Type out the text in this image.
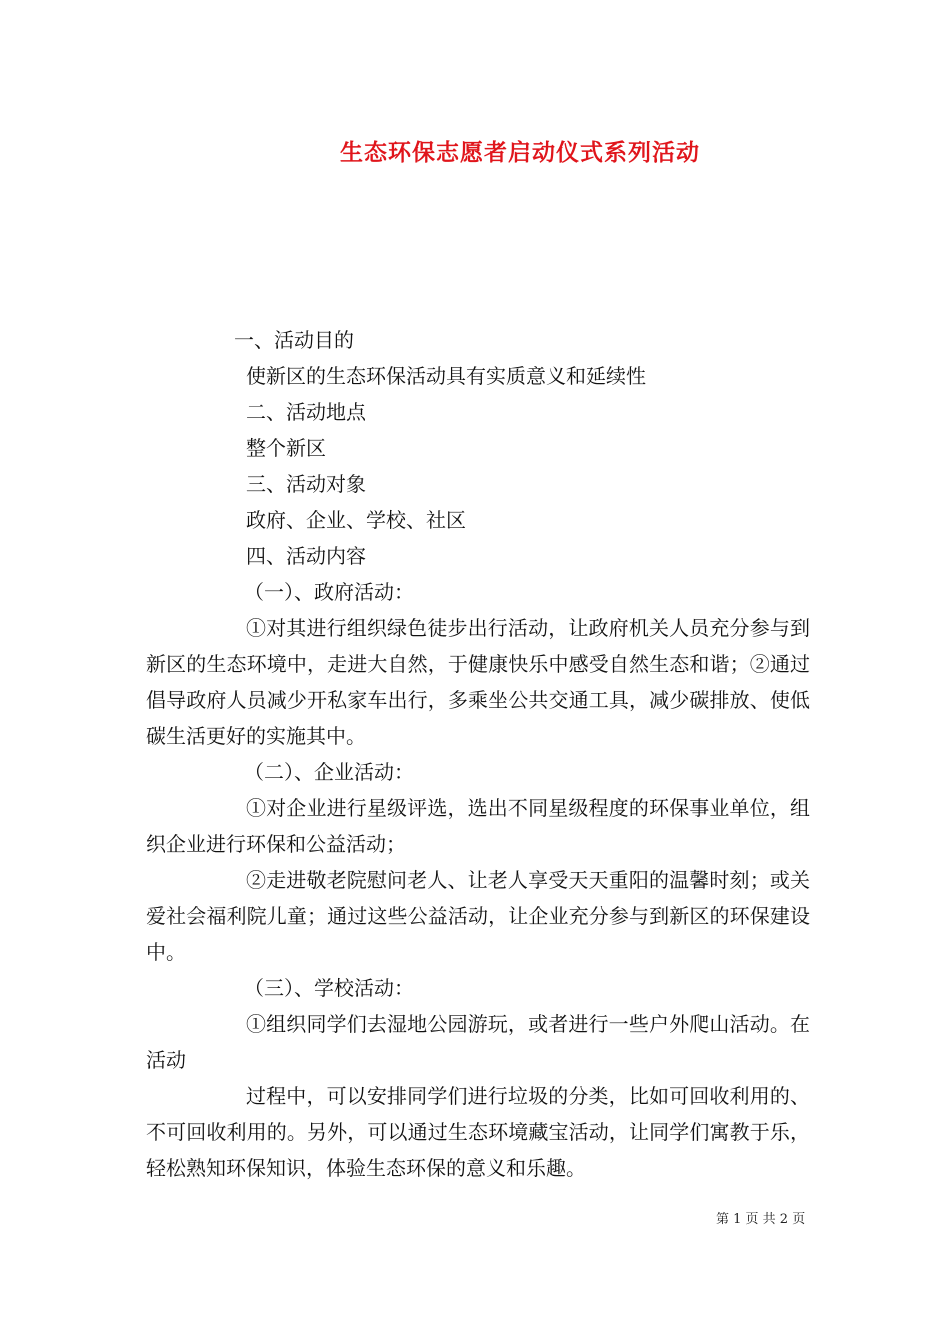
生态环保志愿者启动仪式系列活动

一、活动目的

使新区的生态环保活动具有实质意义和延续性

二、活动地点

整个新区

三、活动对象

政府、企业、学校、社区

四、活动内容

（一）、政府活动：

①对其进行组织绿色徒步出行活动，让政府机关人员充分参与到新区的生态环境中，走进大自然，于健康快乐中感受自然生态和谐；②通过倡导政府人员减少开私家车出行，多乘坐公共交通工具，减少碳排放、使低碳生活更好的实施其中。

（二）、企业活动：

①对企业进行星级评选，选出不同星级程度的环保事业单位，组织企业进行环保和公益活动；

②走进敬老院慰问老人、让老人享受天天重阳的温馨时刻；或关爱社会福利院儿童；通过这些公益活动，让企业充分参与到新区的环保建设中。

（三）、学校活动：

①组织同学们去湿地公园游玩，或者进行一些户外爬山活动。在活动

过程中，可以安排同学们进行垃圾的分类，比如可回收利用的、不可回收利用的。另外，可以通过生态环境藏宝活动，让同学们寓教于乐，轻松熟知环保知识，体验生态环保的意义和乐趣。

第 1 页 共 2 页
